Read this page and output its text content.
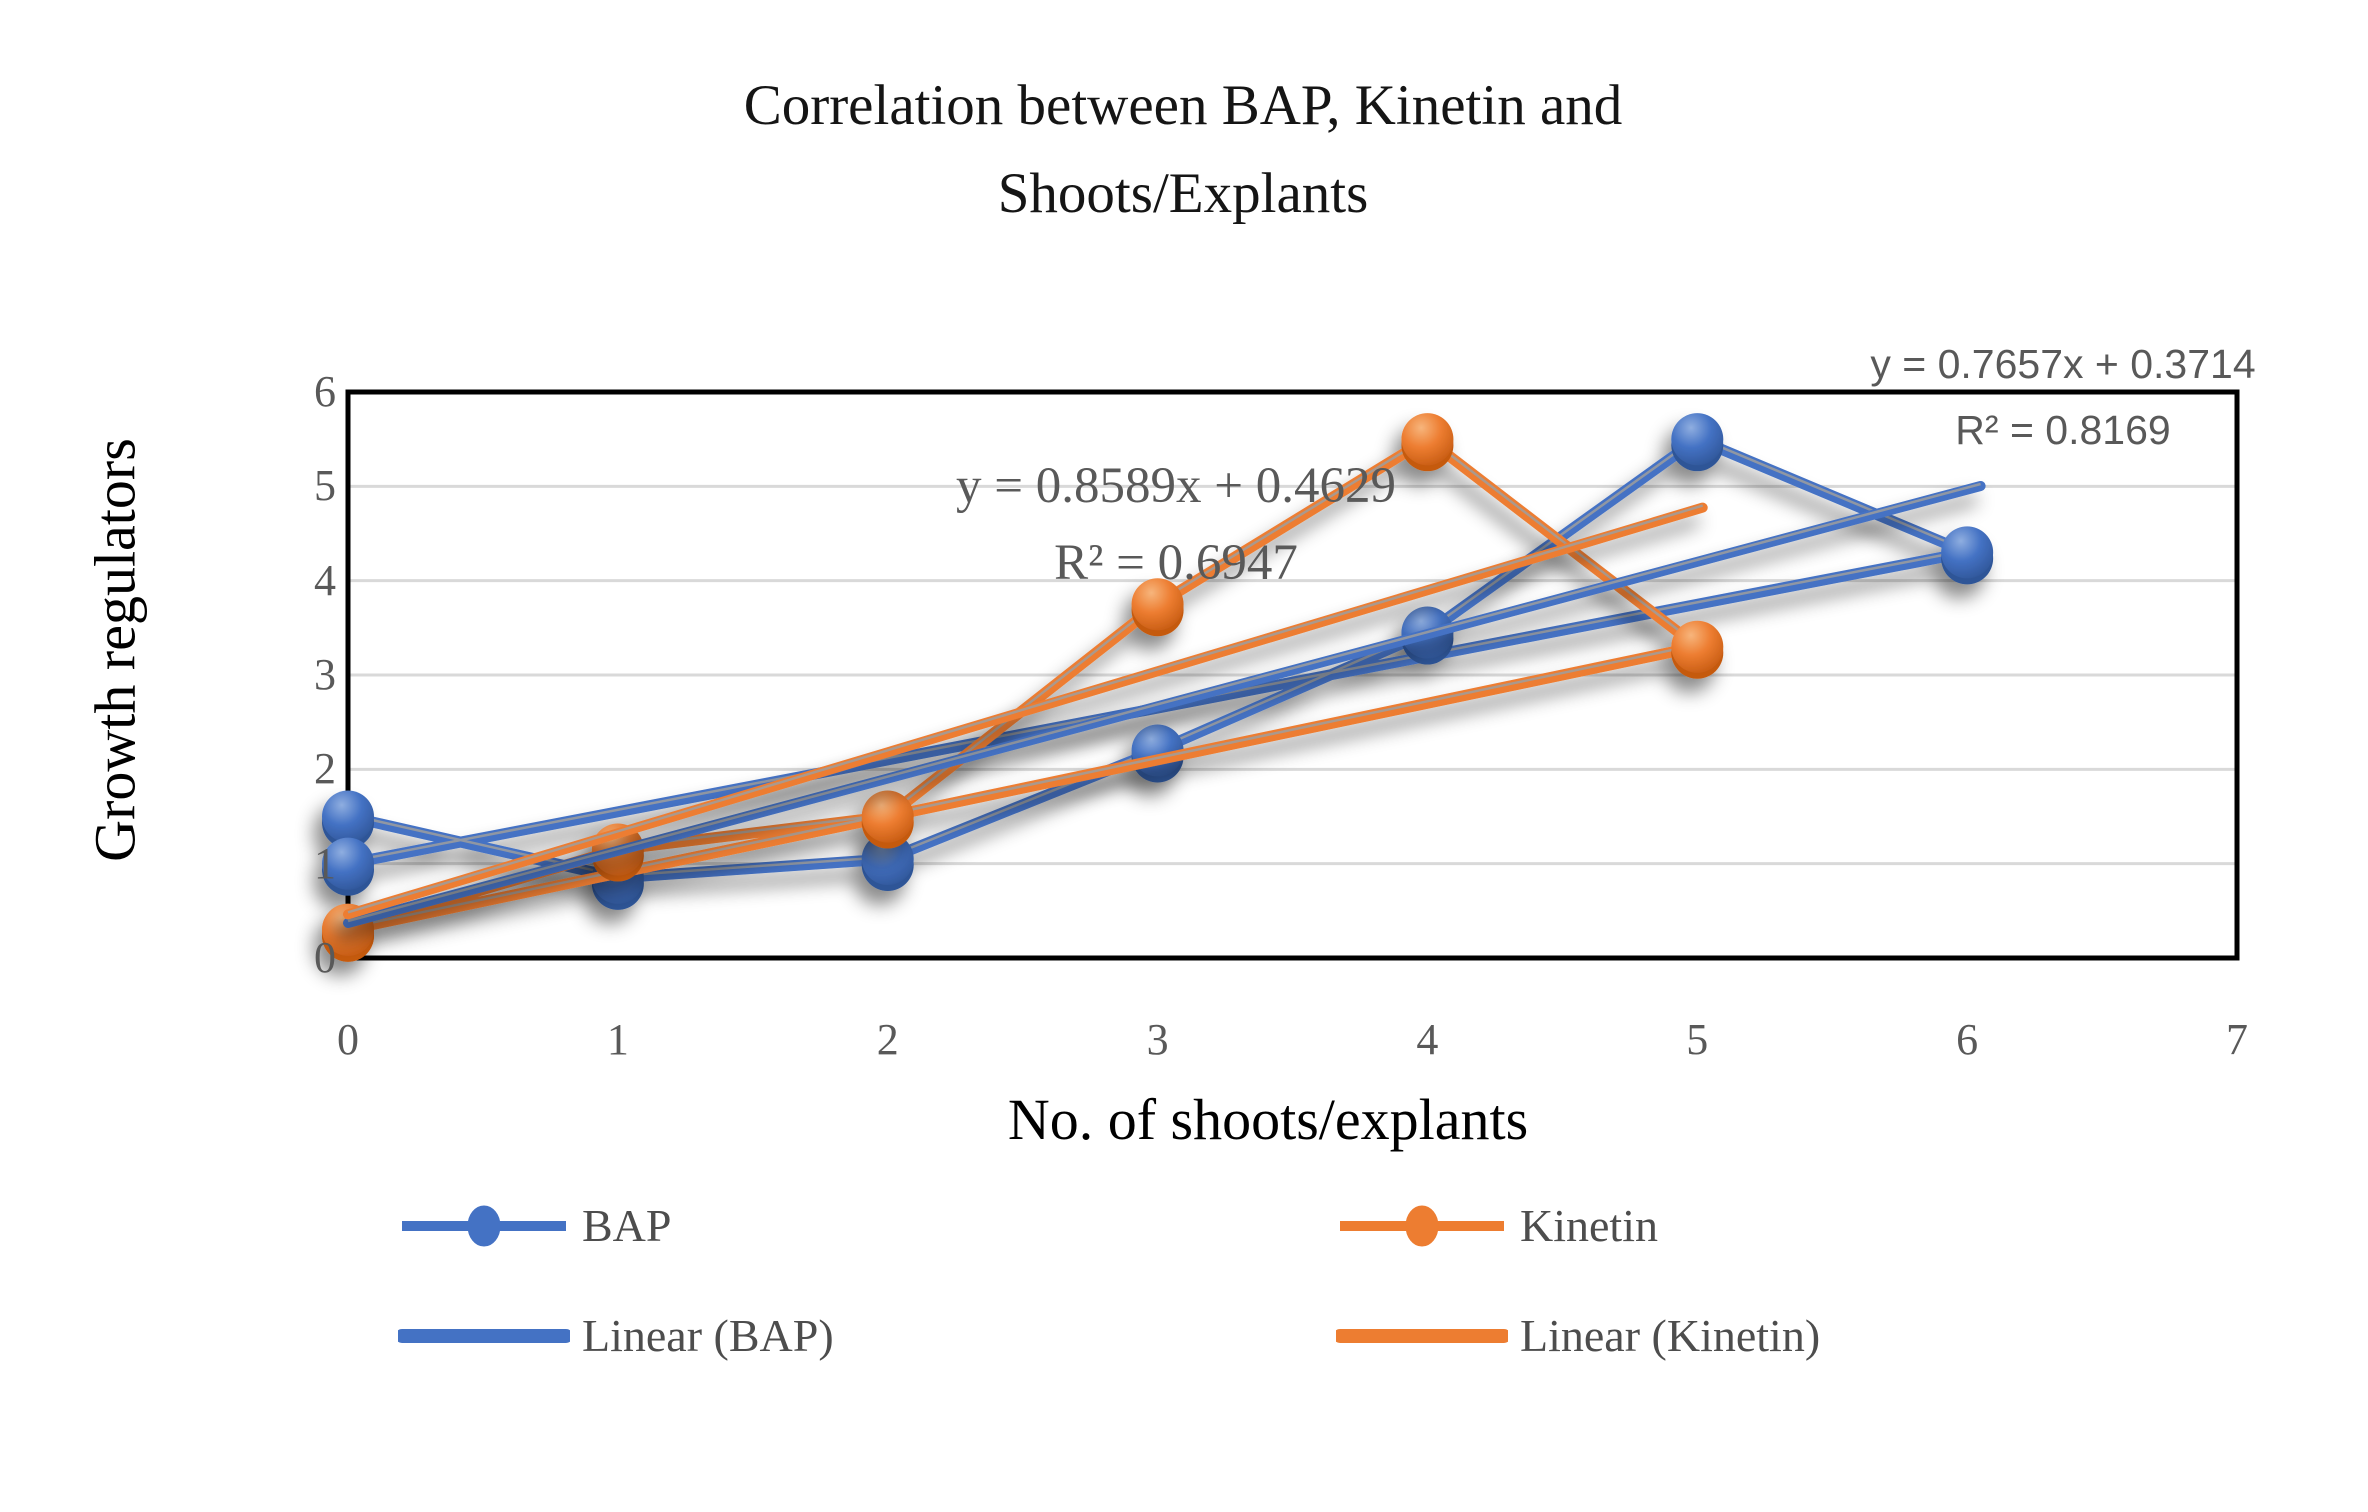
Correlation between BAP, Kinetin and
Shoots/Explants
y = 0.7657x + 0.3714
R² = 0.8169
y = 0.8589x + 0.4629
R² = 0.6947
No. of shoots/explants
Growth regulators
0	1	2	3	4	5	6	7
0
1
2
3
4
5
6
BAP	Kinetin
Linear (BAP)	Linear (Kinetin)
